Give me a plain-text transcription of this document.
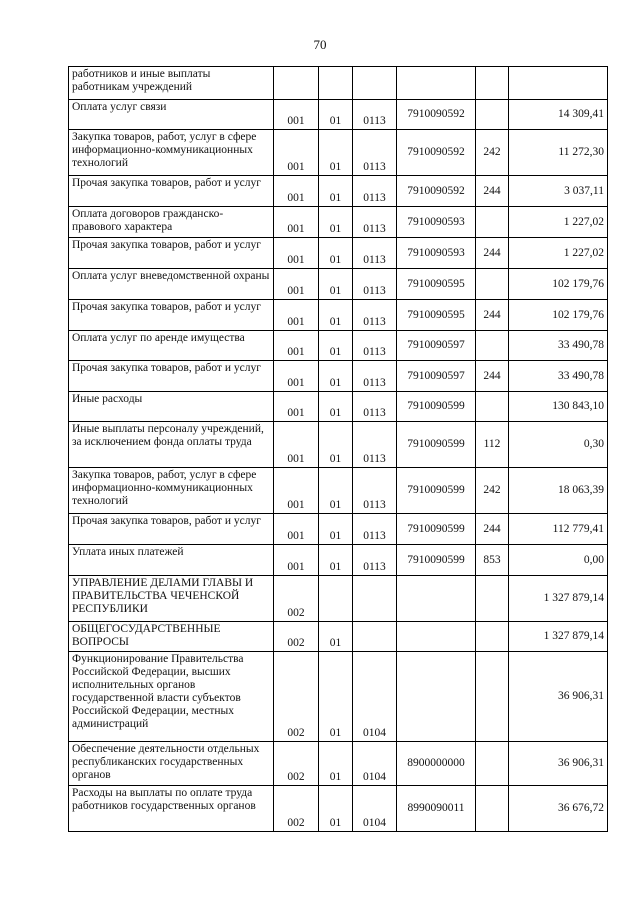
70
работников и иные выплаты работникам учреждений						
Оплата услуг связи	001	01	0113	7910090592		14 309,41
Закупка товаров, работ, услуг в сфере информационно-коммуникационных технологий	001	01	0113	7910090592	242	11 272,30
Прочая закупка товаров, работ и услуг	001	01	0113	7910090592	244	3 037,11
Оплата договоров гражданско-правового характера	001	01	0113	7910090593		1 227,02
Прочая закупка товаров, работ и услуг	001	01	0113	7910090593	244	1 227,02
Оплата услуг вневедомственной охраны	001	01	0113	7910090595		102 179,76
Прочая закупка товаров, работ и услуг	001	01	0113	7910090595	244	102 179,76
Оплата услуг по аренде имущества	001	01	0113	7910090597		33 490,78
Прочая закупка товаров, работ и услуг	001	01	0113	7910090597	244	33 490,78
Иные расходы	001	01	0113	7910090599		130 843,10
Иные выплаты персоналу учреждений, за исключением фонда оплаты труда	001	01	0113	7910090599	112	0,30
Закупка товаров, работ, услуг в сфере информационно-коммуникационных технологий	001	01	0113	7910090599	242	18 063,39
Прочая закупка товаров, работ и услуг	001	01	0113	7910090599	244	112 779,41
Уплата иных платежей	001	01	0113	7910090599	853	0,00
УПРАВЛЕНИЕ ДЕЛАМИ ГЛАВЫ И ПРАВИТЕЛЬСТВА ЧЕЧЕНСКОЙ РЕСПУБЛИКИ	002					1 327 879,14
ОБЩЕГОСУДАРСТВЕННЫЕ ВОПРОСЫ	002	01				1 327 879,14
Функционирование Правительства Российской Федерации, высших исполнительных органов государственной власти субъектов Российской Федерации, местных администраций	002	01	0104			36 906,31
Обеспечение деятельности отдельных республиканских государственных органов	002	01	0104	8900000000		36 906,31
Расходы на выплаты по оплате труда работников государственных органов	002	01	0104	8990090011		36 676,72
